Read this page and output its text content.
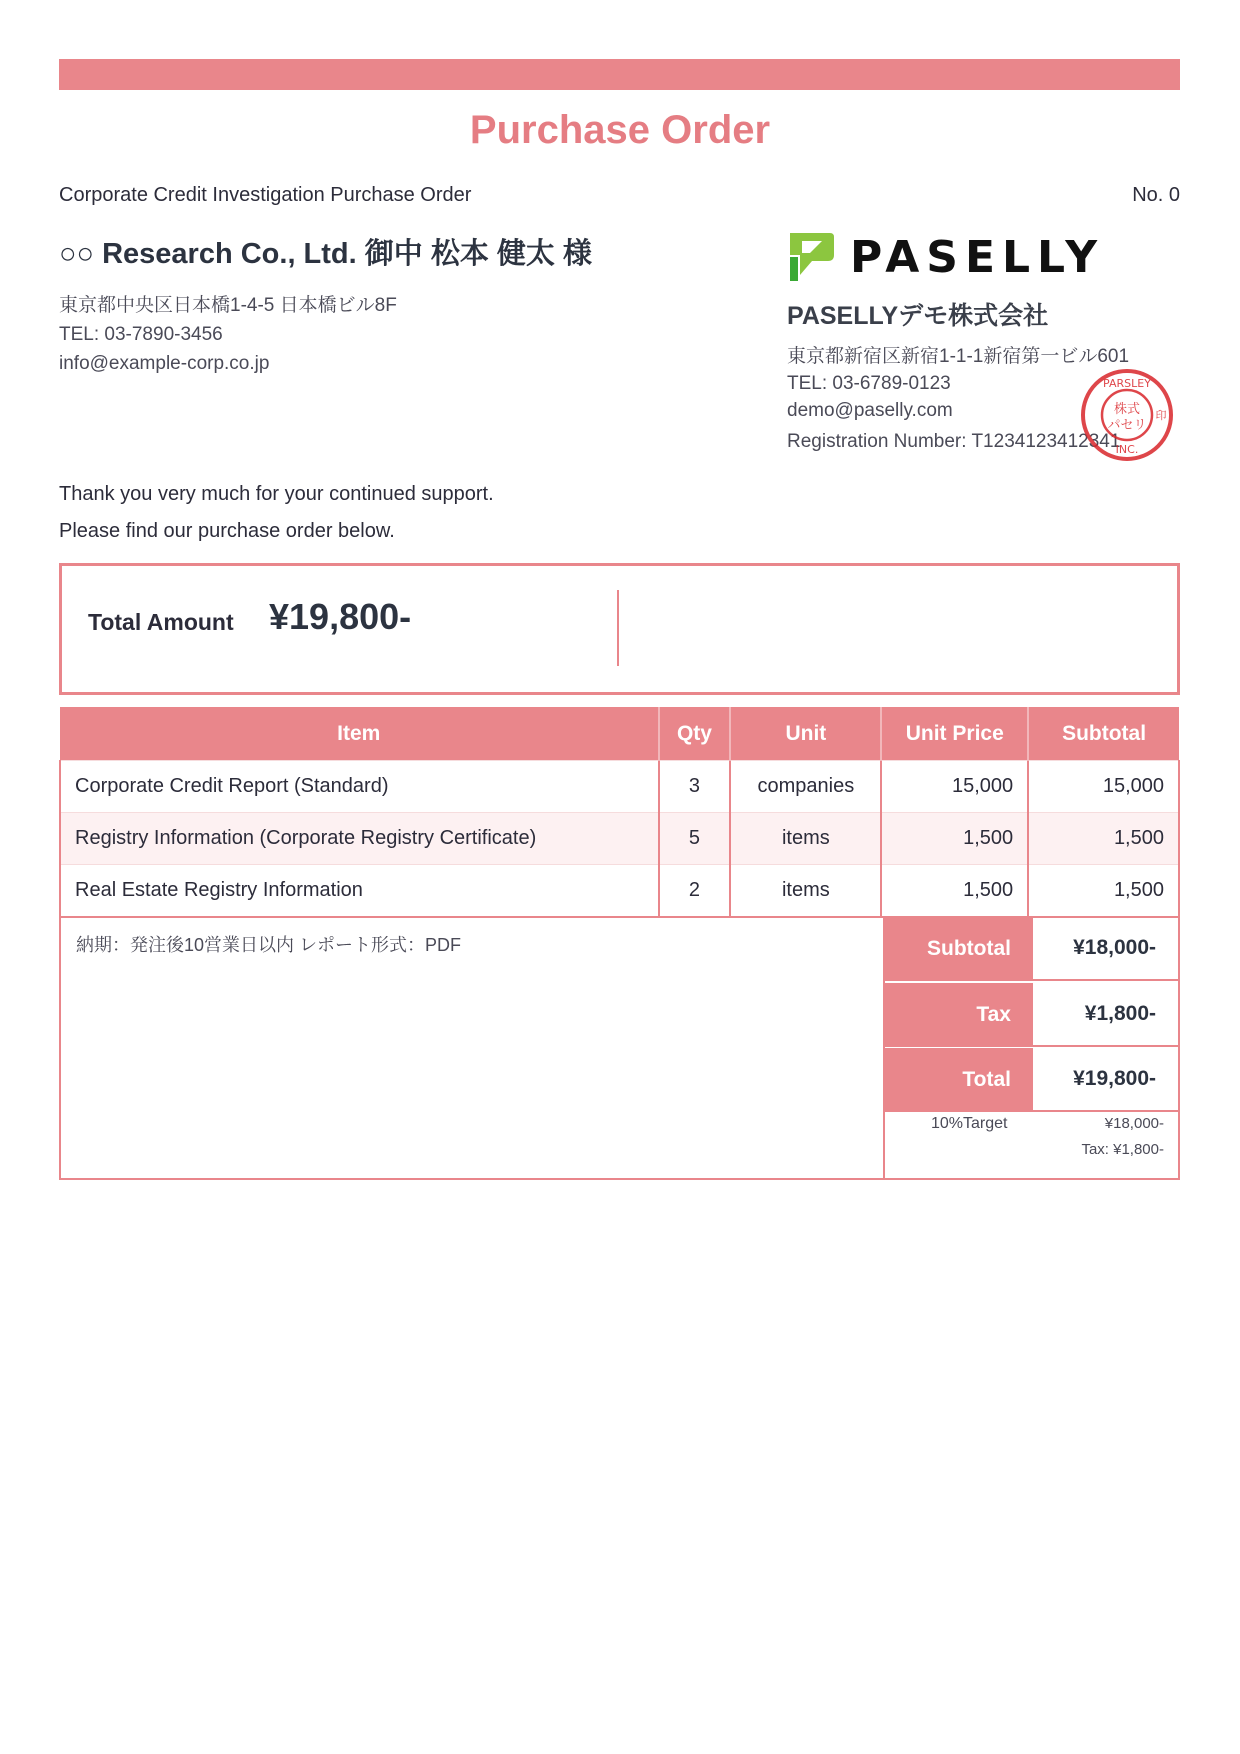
Purchase Order
Corporate Credit Investigation Purchase Order	No. 0
○○ Research Co., Ltd. 御中 松本 健太 様
東京都中央区日本橋1-4-5 日本橋ビル8F
TEL: 03-7890-3456
info@example-corp.co.jp
PASELLY
PASELLYデモ株式会社
東京都新宿区新宿1-1-1新宿第一ビル601
TEL: 03-6789-0123
demo@paselly.com
Registration Number: T1234123412341
PARSLEY
INC.
株式
パセリ
印
Thank you very much for your continued support.
Please find our purchase order below.
Total Amount ¥19,800-
Item	Qty	Unit	Unit Price	Subtotal
Corporate Credit Report (Standard)	3	companies	15,000	15,000
Registry Information (Corporate Registry Certificate)	5	items	1,500	1,500
Real Estate Registry Information	2	items	1,500	1,500
納期：発注後10営業日以内 レポート形式：PDF	Subtotal	¥18,000-
Tax	¥1,800-
Total	¥19,800-
10%Target	¥18,000-
Tax: ¥1,800-
